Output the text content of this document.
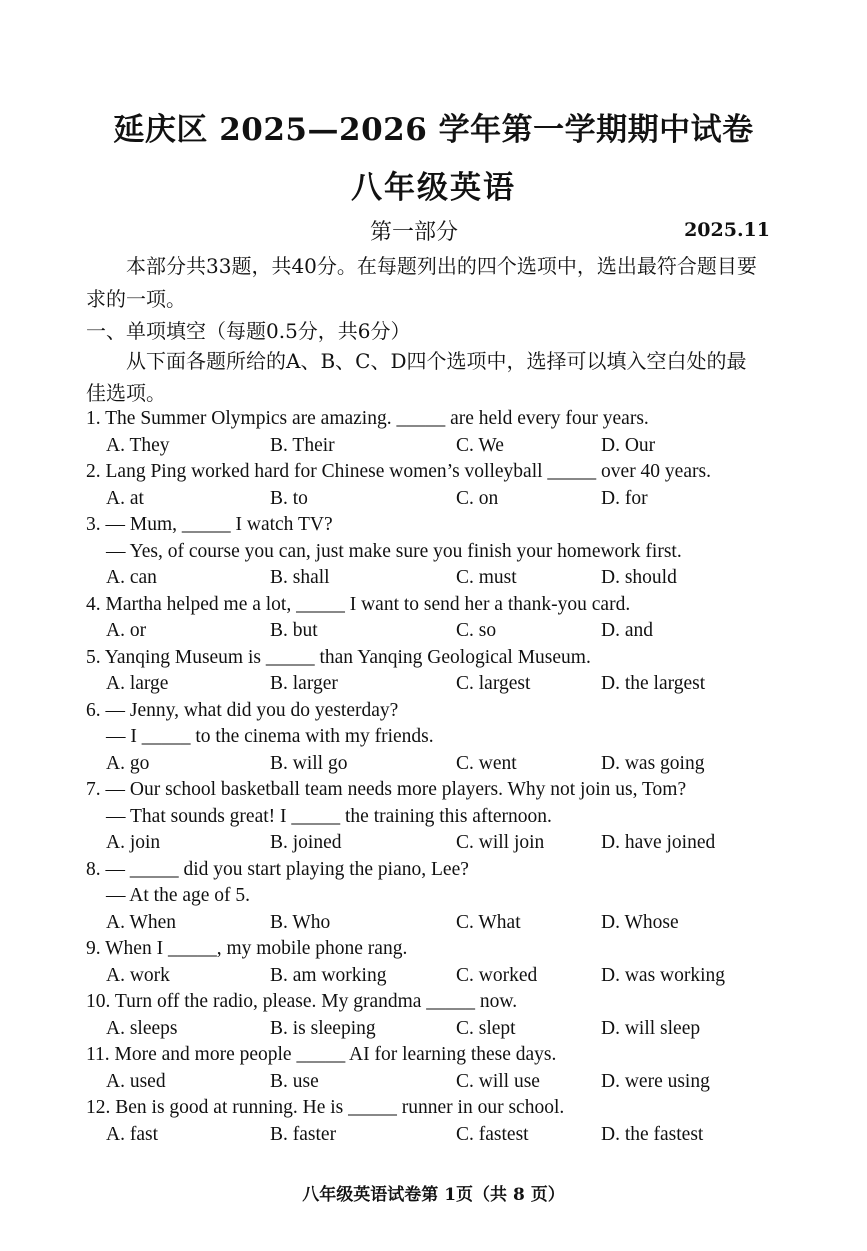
延庆区 2025—2026 学年第一学期期中试卷
八年级英语
第一部分	2025.11
本部分共33题，共40分。在每题列出的四个选项中，选出最符合题目要
求的一项。
一、单项填空（每题0.5分，共6分）
从下面各题所给的A、B、C、D四个选项中，选择可以填入空白处的最
佳选项。
1. The Summer Olympics are amazing. _____ are held every four years.
A. They	B. Their	C. We	D. Our
2. Lang Ping worked hard for Chinese women’s volleyball _____ over 40 years.
A. at	B. to	C. on	D. for
3. — Mum, _____ I watch TV?
— Yes, of course you can, just make sure you finish your homework first.
A. can	B. shall	C. must	D. should
4. Martha helped me a lot, _____ I want to send her a thank-you card.
A. or	B. but	C. so	D. and
5. Yanqing Museum is _____ than Yanqing Geological Museum.
A. large	B. larger	C. largest	D. the largest
6. — Jenny, what did you do yesterday?
— I _____ to the cinema with my friends.
A. go	B. will go	C. went	D. was going
7. — Our school basketball team needs more players. Why not join us, Tom?
— That sounds great! I _____ the training this afternoon.
A. join	B. joined	C. will join	D. have joined
8. — _____ did you start playing the piano, Lee?
— At the age of 5.
A. When	B. Who	C. What	D. Whose
9. When I _____, my mobile phone rang.
A. work	B. am working	C. worked	D. was working
10. Turn off the radio, please. My grandma _____ now.
A. sleeps	B. is sleeping	C. slept	D. will sleep
11. More and more people _____ AI for learning these days.
A. used	B. use	C. will use	D. were using
12. Ben is good at running. He is _____ runner in our school.
A. fast	B. faster	C. fastest	D. the fastest
八年级英语试卷第 1页（共 8 页）
